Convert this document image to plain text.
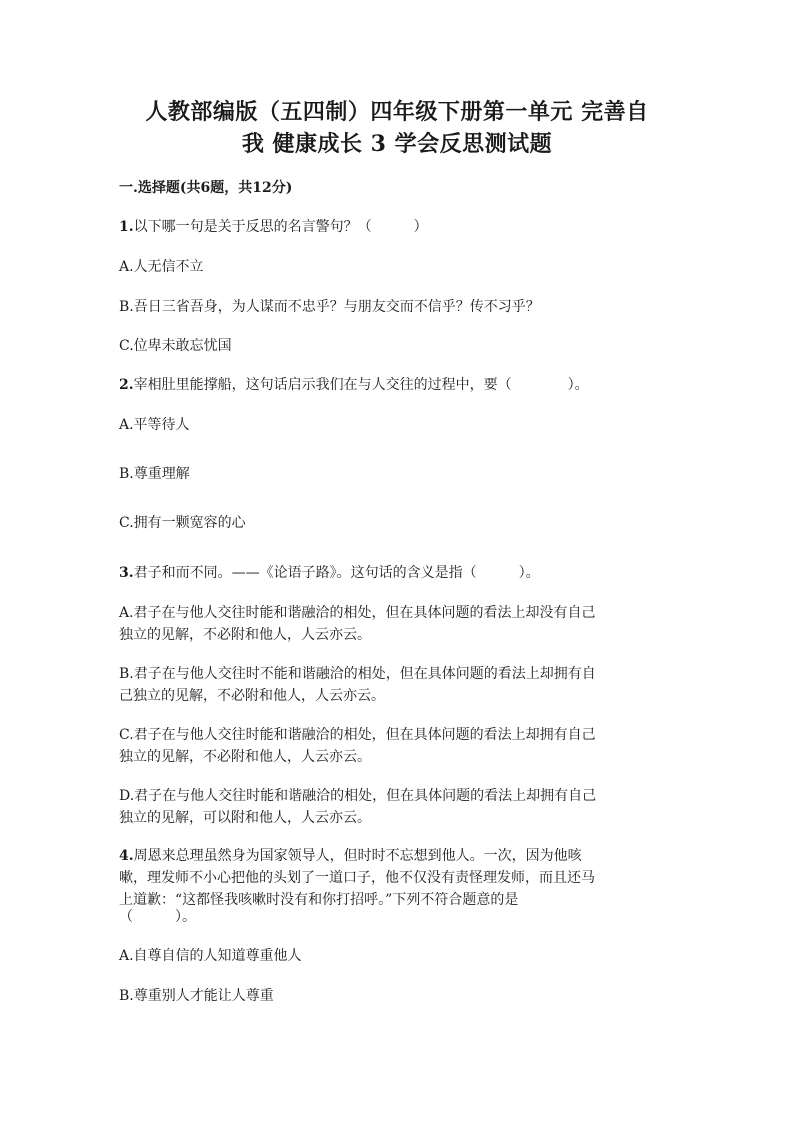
人教部编版（五四制）四年级下册第一单元 完善自
我 健康成长 3 学会反思测试题
一.选择题(共6题，共12分)
1.以下哪一句是关于反思的名言警句？（　　　）
A.人无信不立
B.吾日三省吾身，为人谋而不忠乎？与朋友交而不信乎？传不习乎？
C.位卑未敢忘忧国
2.宰相肚里能撑船，这句话启示我们在与人交往的过程中，要（　　　　）。
A.平等待人
B.尊重理解
C.拥有一颗宽容的心
3.君子和而不同。——《论语子路》。这句话的含义是指（　　　）。
A.君子在与他人交往时能和谐融洽的相处，但在具体问题的看法上却没有自己
独立的见解，不必附和他人，人云亦云。
B.君子在与他人交往时不能和谐融洽的相处，但在具体问题的看法上却拥有自
己独立的见解，不必附和他人，人云亦云。
C.君子在与他人交往时能和谐融洽的相处，但在具体问题的看法上却拥有自己
独立的见解，不必附和他人，人云亦云。
D.君子在与他人交往时能和谐融洽的相处，但在具体问题的看法上却拥有自己
独立的见解，可以附和他人，人云亦云。
4.周恩来总理虽然身为国家领导人，但时时不忘想到他人。一次，因为他咳
嗽，理发师不小心把他的头划了一道口子，他不仅没有责怪理发师，而且还马
上道歉：“这都怪我咳嗽时没有和你打招呼。”下列不符合题意的是
（　　　）。
A.自尊自信的人知道尊重他人
B.尊重别人才能让人尊重
